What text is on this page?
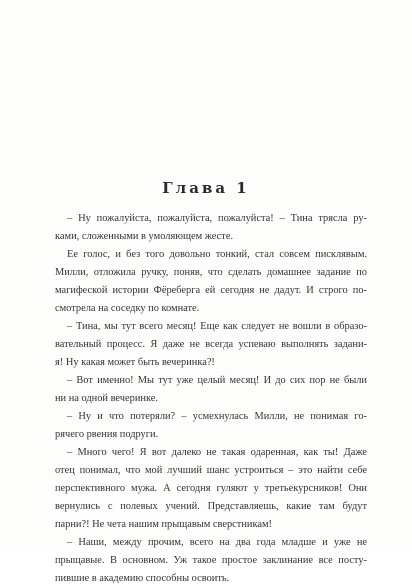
Глава 1
– Ну пожалуйста, пожалуйста, пожалуйста! – Тина трясла ру-
ками, сложенными в умоляющем жесте.
Ее голос, и без того довольно тонкий, стал совсем писклявым.
Милли, отложила ручку, поняв, что сделать домашнее задание по
магифеской истории Фёреберга ей сегодня не дадут. И строго по-
смотрела на соседку по комнате.
– Тина, мы тут всего месяц! Еще как следует не вошли в образо-
вательный процесс. Я даже не всегда успеваю выполнять задани-
я! Ну какая может быть вечеринка?!
– Вот именно! Мы тут уже целый месяц! И до сих пор не были
ни на одной вечеринке.
– Ну и что потеряли? – усмехнулась Милли, не понимая го-
рячего рвения подруги.
– Много чего! Я вот далеко не такая одаренная, как ты! Даже
отец понимал, что мой лучший шанс устроиться – это найти себе
перспективного мужа. А сегодня гуляют у третьекурсников! Они
вернулись с полевых учений. Представляешь, какие там будут
парни?! Не чета нашим прыщавым сверстникам!
– Наши, между прочим, всего на два года младше и уже не
прыщавые. В основном. Уж такое простое заклинание все посту-
пившие в академию способны освоить.
